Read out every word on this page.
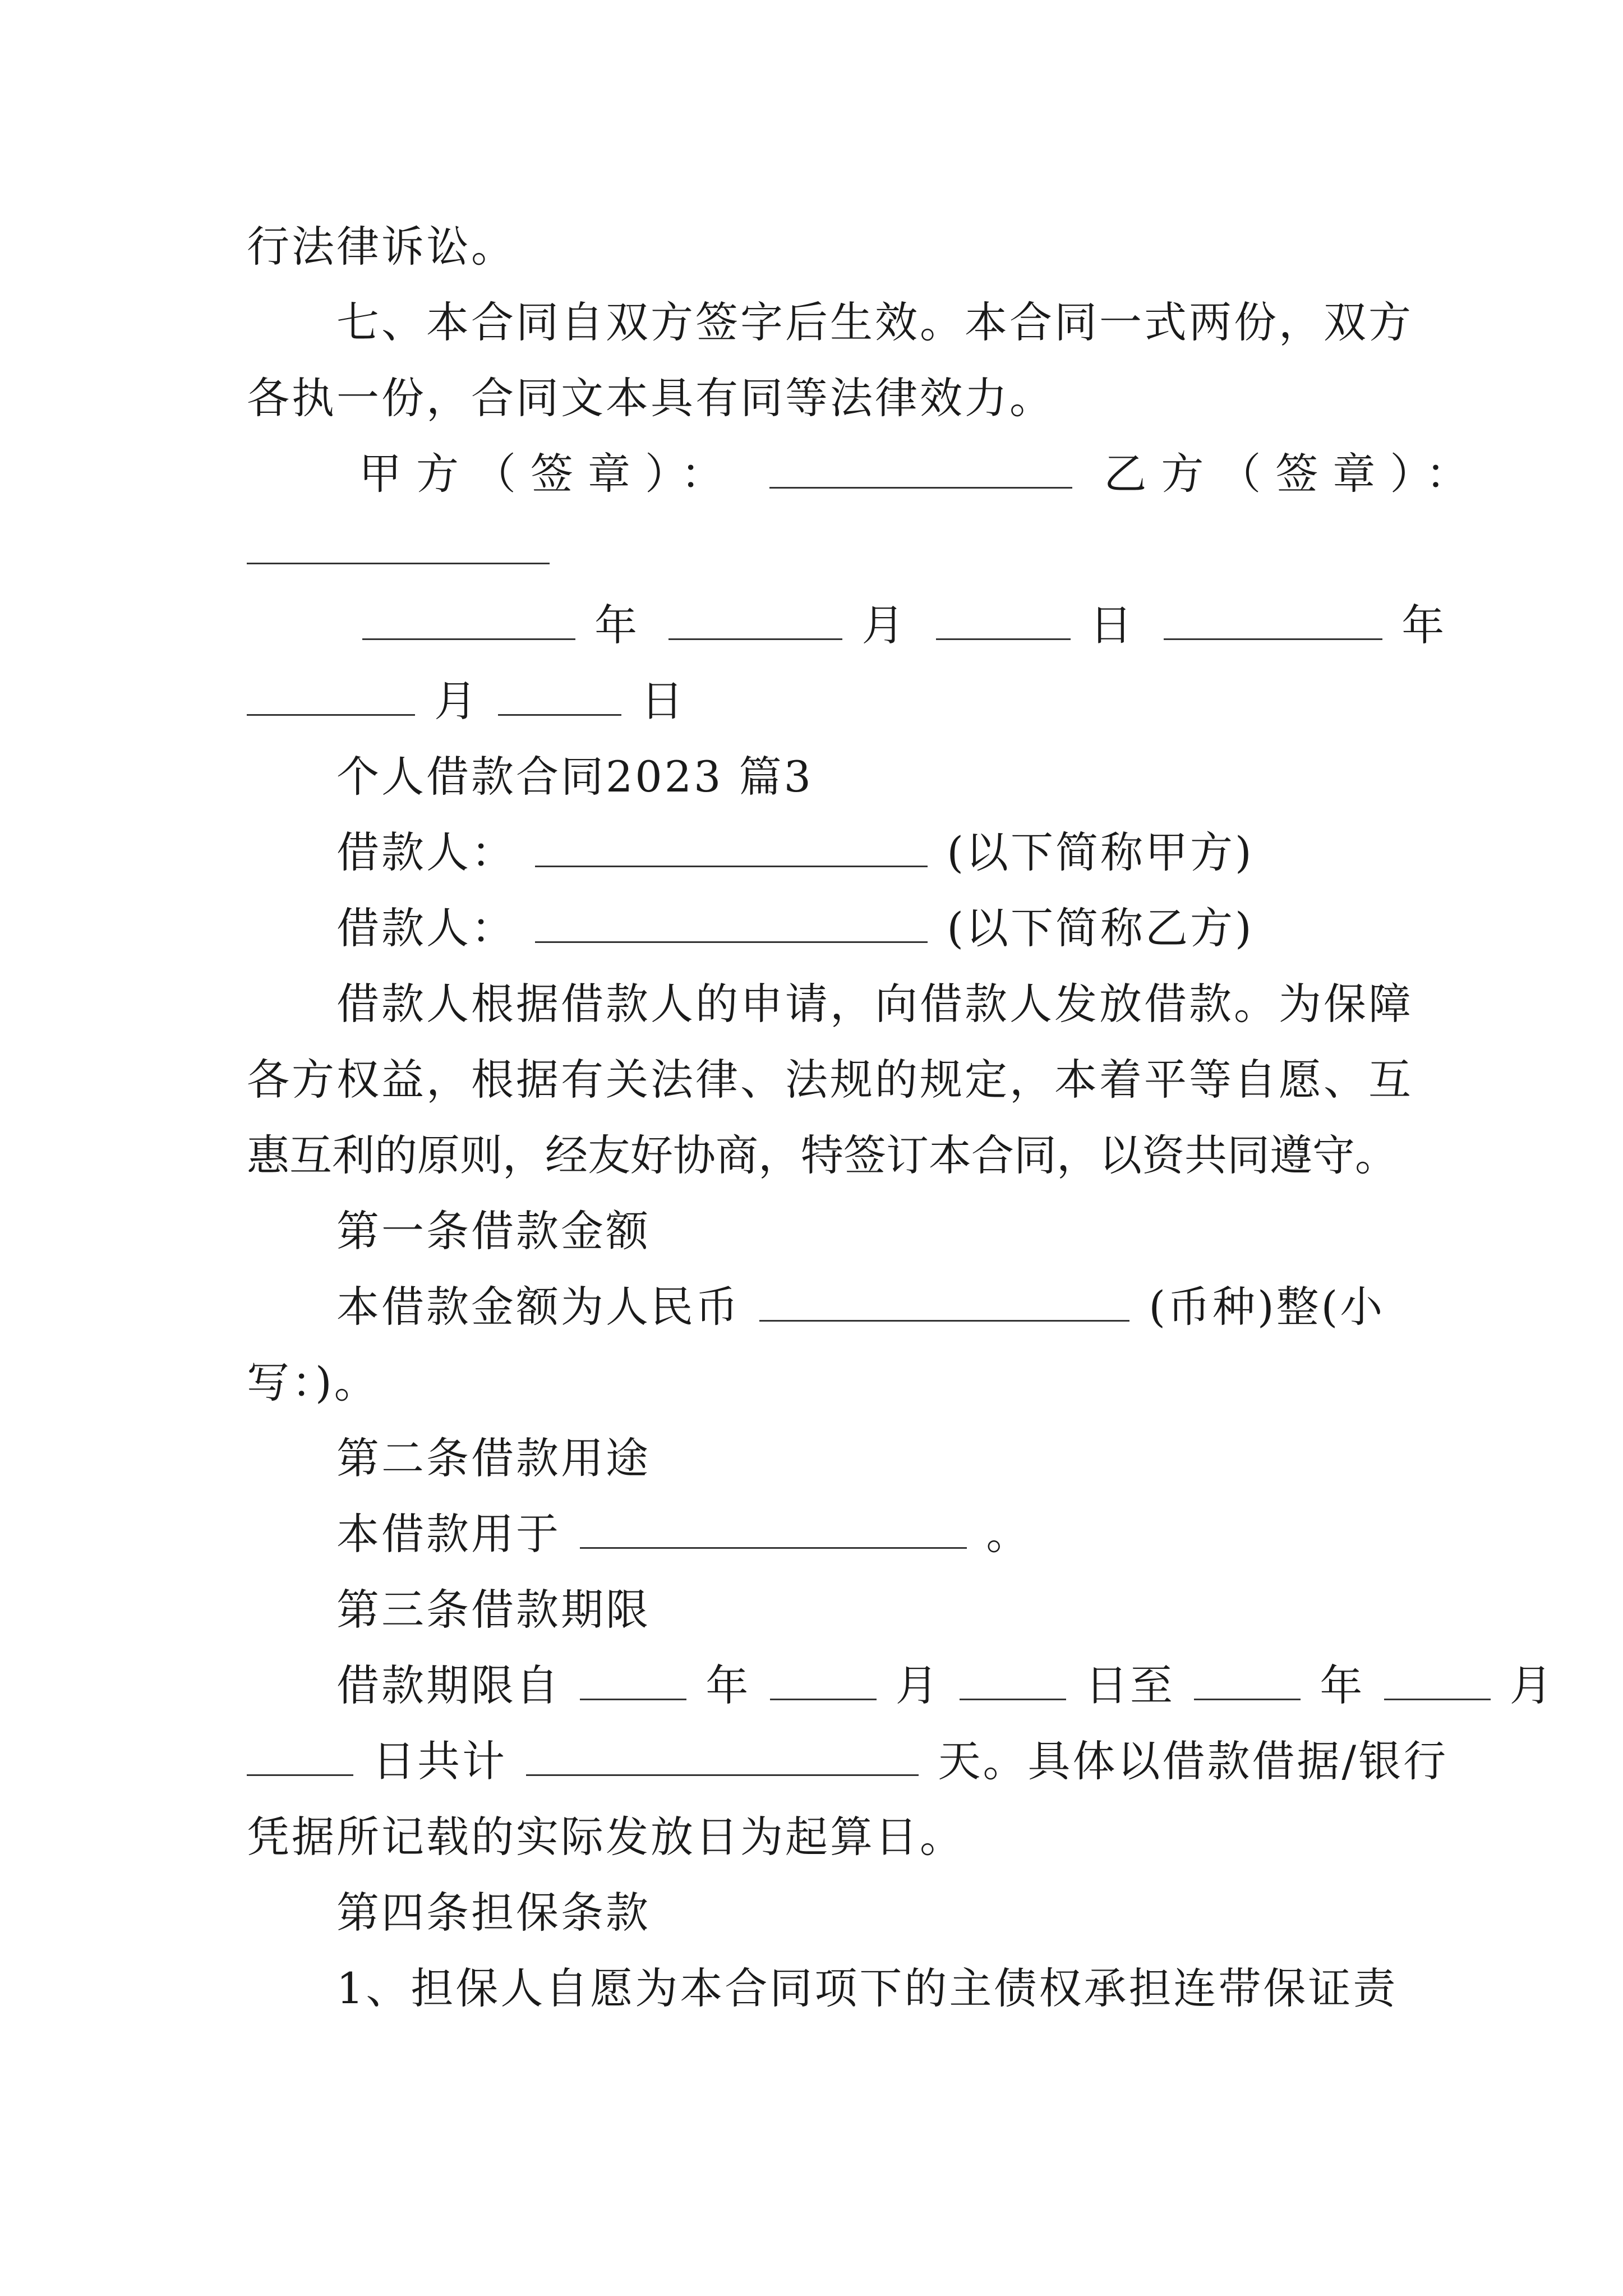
行法律诉讼。
七、本合同自双方签字后生效。本合同一式两份，双方
各执一份，合同文本具有同等法律效力。
甲方（签章）：	乙方（签章）：
年	月	日	年
月	日
个人借款合同2023 篇3
借款人：	(以下简称甲方)
借款人：	(以下简称乙方)
借款人根据借款人的申请，向借款人发放借款。为保障
各方权益，根据有关法律、法规的规定，本着平等自愿、互
惠互利的原则，经友好协商，特签订本合同，以资共同遵守。
第一条借款金额
本借款金额为人民币	(币种)整(小
写：)。
第二条借款用途
本借款用于	。
第三条借款期限
借款期限自	年	月	日至	年	月
日共计	天。具体以借款借据/银行
凭据所记载的实际发放日为起算日。
第四条担保条款
1、担保人自愿为本合同项下的主债权承担连带保证责
